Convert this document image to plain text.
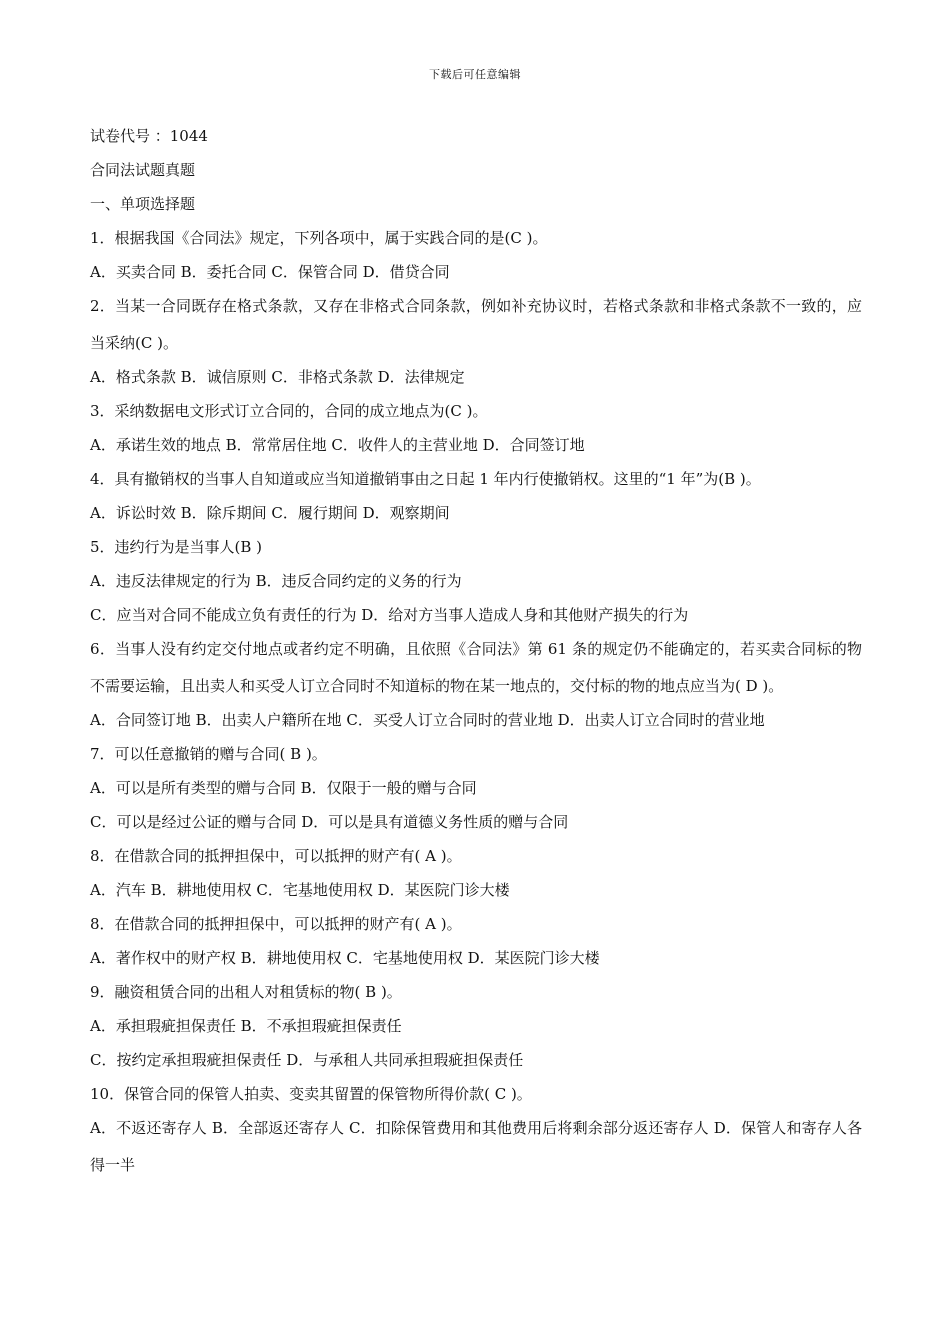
下载后可任意编辑
试卷代号 ：1044
合同法试题真题
一、单项选择题
1．根据我国《合同法》规定，下列各项中，属于实践合同的是(C )。
A．买卖合同 B．委托合同 C．保管合同 D．借贷合同
2．当某一合同既存在格式条款，又存在非格式合同条款，例如补充协议时，若格式条款和非格式条款不一致的，应当采纳(C )。
A．格式条款 B．诚信原则 C．非格式条款 D．法律规定
3．采纳数据电文形式订立合同的，合同的成立地点为(C )。
A．承诺生效的地点 B．常常居住地 C．收件人的主营业地 D．合同签订地
4．具有撤销权的当事人自知道或应当知道撤销事由之日起 1 年内行使撤销权。这里的“1 年”为(B )。
A．诉讼时效 B．除斥期间 C．履行期间 D．观察期间
5．违约行为是当事人(B )
A．违反法律规定的行为 B．违反合同约定的义务的行为
C．应当对合同不能成立负有责任的行为 D．给对方当事人造成人身和其他财产损失的行为
6．当事人没有约定交付地点或者约定不明确，且依照《合同法》第 61 条的规定仍不能确定的，若买卖合同标的物不需要运输，且出卖人和买受人订立合同时不知道标的物在某一地点的，交付标的物的地点应当为( D )。
A．合同签订地 B．出卖人户籍所在地 C．买受人订立合同时的营业地 D．出卖人订立合同时的营业地
7．可以任意撤销的赠与合同( B )。
A．可以是所有类型的赠与合同 B．仅限于一般的赠与合同
C．可以是经过公证的赠与合同 D．可以是具有道德义务性质的赠与合同
8．在借款合同的抵押担保中，可以抵押的财产有( A )。
A．汽车 B．耕地使用权 C．宅基地使用权 D．某医院门诊大楼
8．在借款合同的抵押担保中，可以抵押的财产有( A )。
A．著作权中的财产权 B．耕地使用权 C．宅基地使用权 D．某医院门诊大楼
9．融资租赁合同的出租人对租赁标的物( B )。
A．承担瑕疵担保责任 B．不承担瑕疵担保责任
C．按约定承担瑕疵担保责任 D．与承租人共同承担瑕疵担保责任
10．保管合同的保管人拍卖、变卖其留置的保管物所得价款( C )。
A．不返还寄存人 B．全部返还寄存人 C．扣除保管费用和其他费用后将剩余部分返还寄存人 D．保管人和寄存人各得一半
